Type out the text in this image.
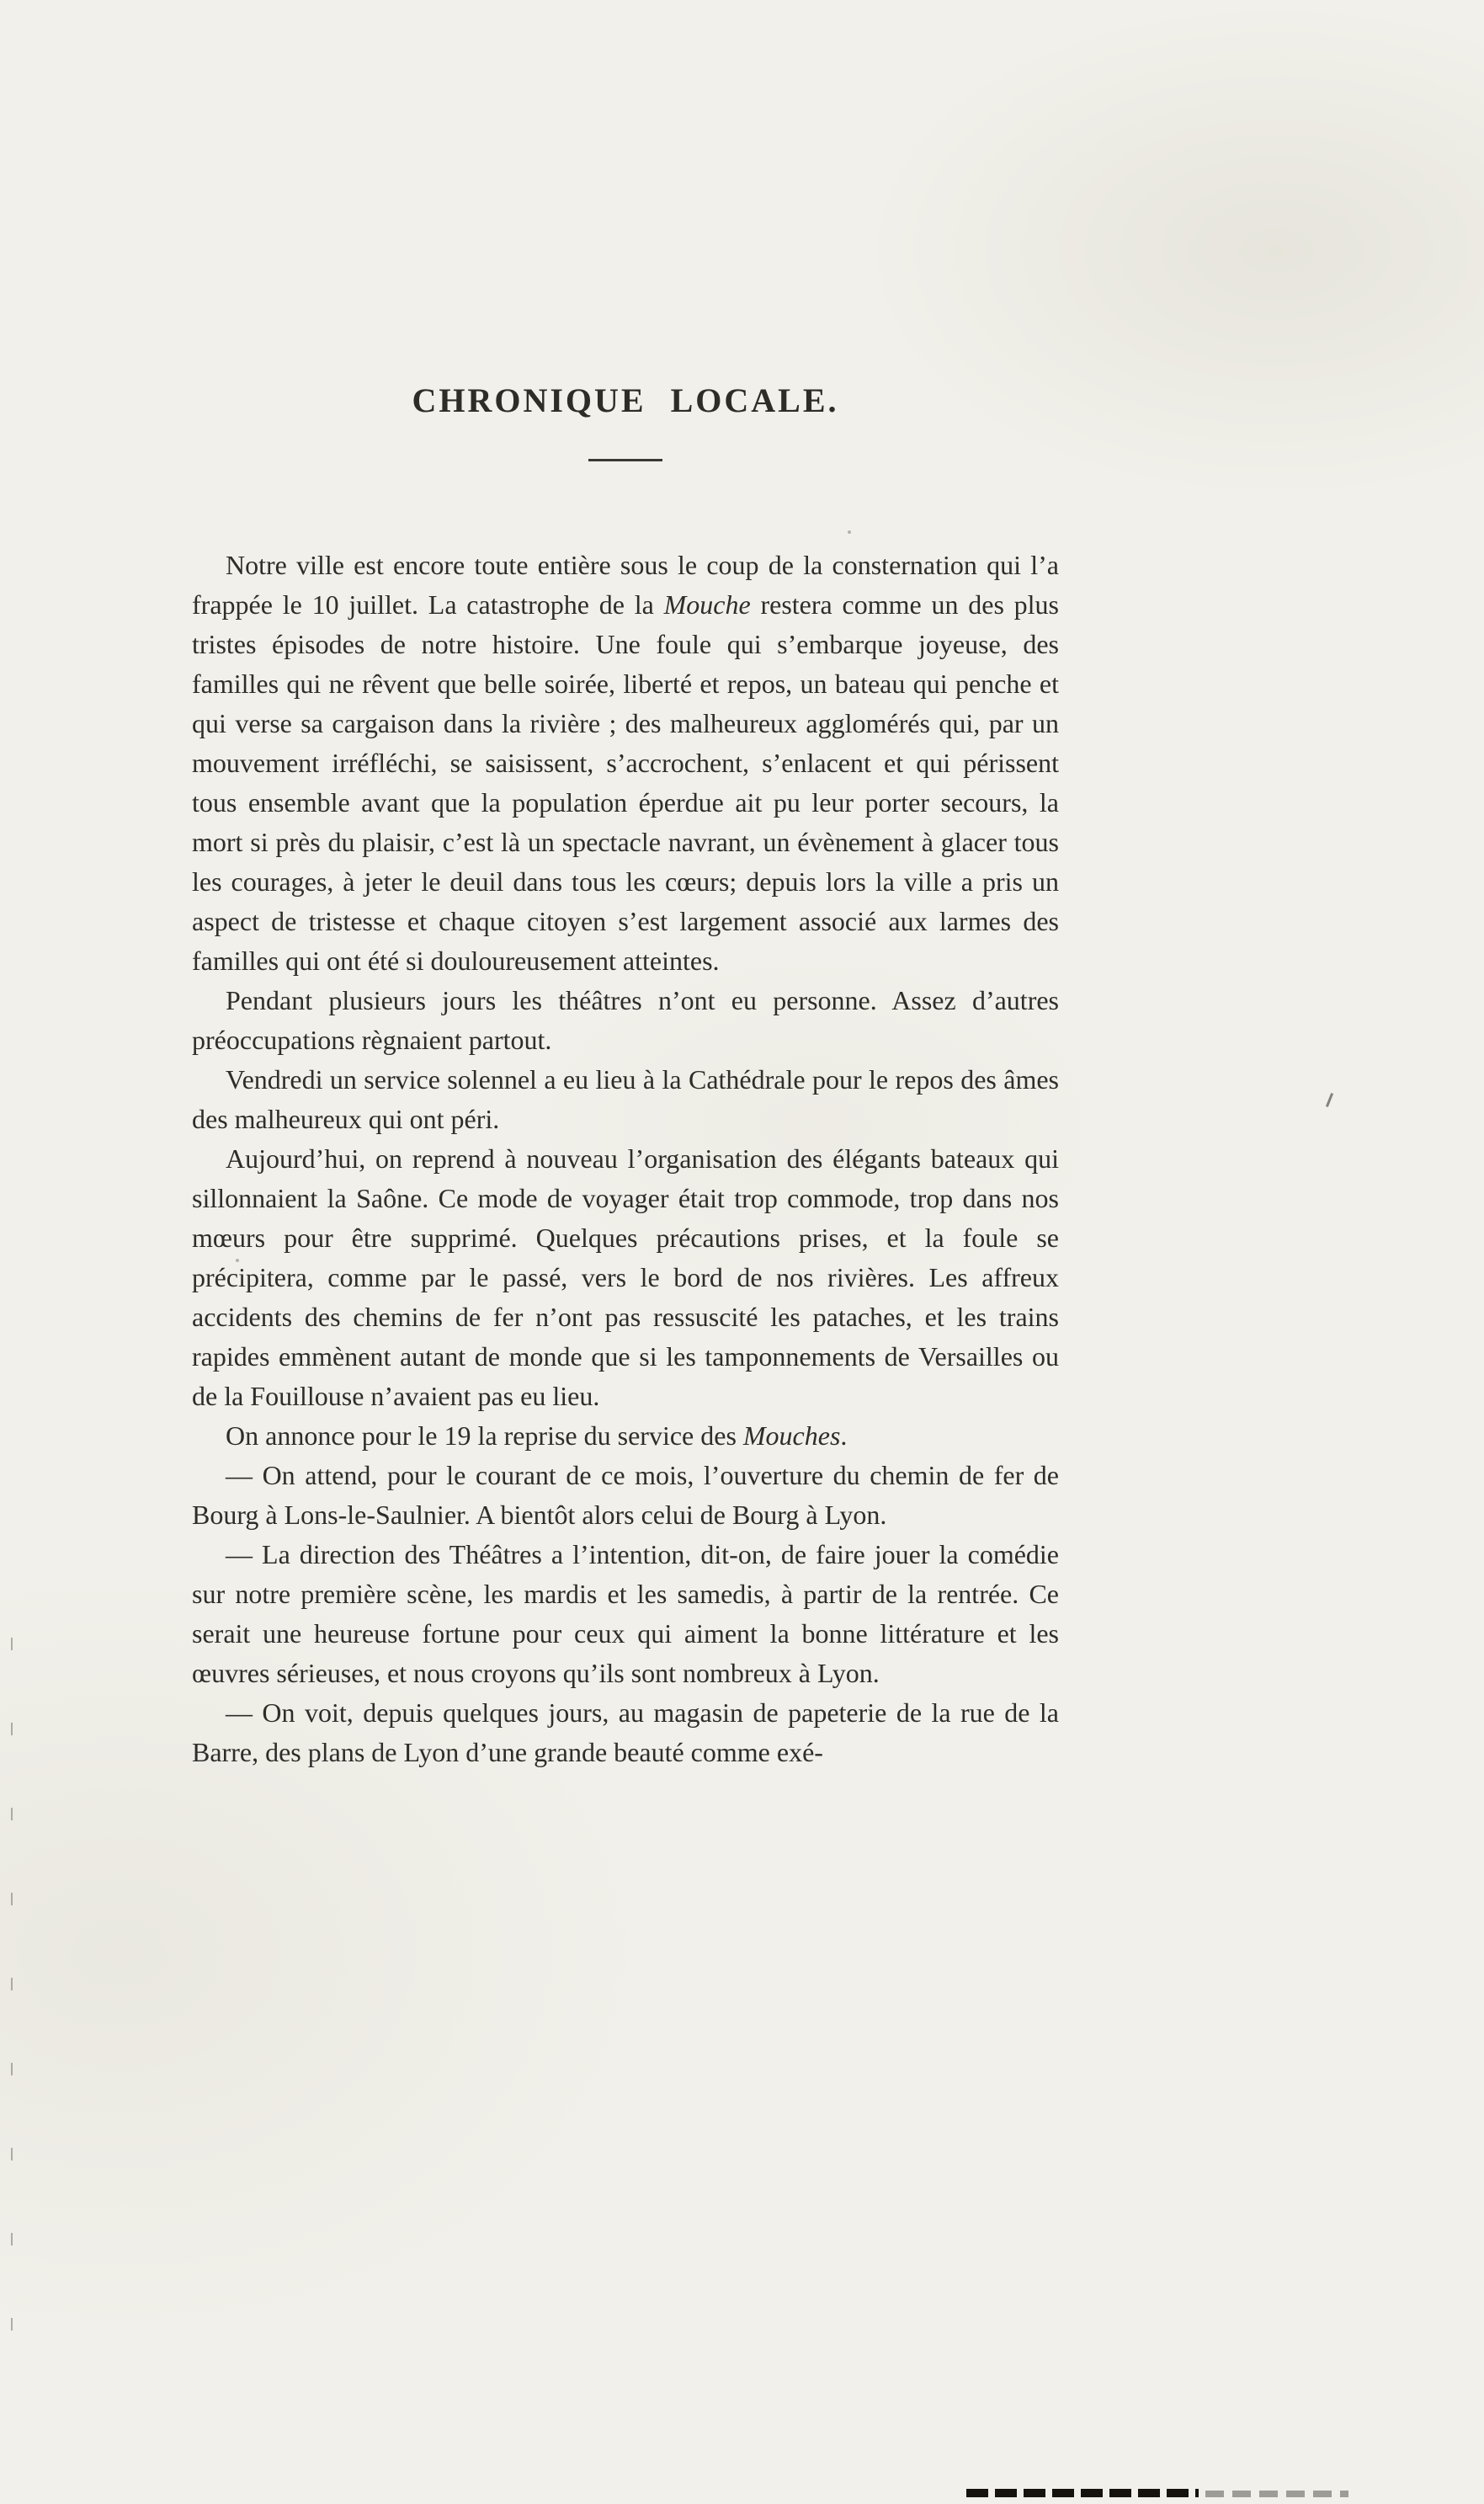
CHRONIQUE LOCALE.

Notre ville est encore toute entière sous le coup de la consternation qui l’a frappée le 10 juillet. La catastrophe de la Mouche restera comme un des plus tristes épisodes de notre histoire. Une foule qui s’embarque joyeuse, des familles qui ne rêvent que belle soirée, liberté et repos, un bateau qui penche et qui verse sa cargaison dans la rivière ; des malheureux agglomérés qui, par un mouvement irréfléchi, se saisissent, s’accrochent, s’enlacent et qui périssent tous ensemble avant que la population éperdue ait pu leur porter secours, la mort si près du plaisir, c’est là un spectacle navrant, un évènement à glacer tous les courages, à jeter le deuil dans tous les cœurs; depuis lors la ville a pris un aspect de tristesse et chaque citoyen s’est largement associé aux larmes des familles qui ont été si douloureusement atteintes.

Pendant plusieurs jours les théâtres n’ont eu personne. Assez d’autres préoccupations règnaient partout.

Vendredi un service solennel a eu lieu à la Cathédrale pour le repos des âmes des malheureux qui ont péri.

Aujourd’hui, on reprend à nouveau l’organisation des élégants bateaux qui sillonnaient la Saône. Ce mode de voyager était trop commode, trop dans nos mœurs pour être supprimé. Quelques précautions prises, et la foule se précipitera, comme par le passé, vers le bord de nos rivières. Les affreux accidents des chemins de fer n’ont pas ressuscité les pataches, et les trains rapides emmènent autant de monde que si les tamponnements de Versailles ou de la Fouillouse n’avaient pas eu lieu.

On annonce pour le 19 la reprise du service des Mouches.

— On attend, pour le courant de ce mois, l’ouverture du chemin de fer de Bourg à Lons-le-Saulnier. A bientôt alors celui de Bourg à Lyon.

— La direction des Théâtres a l’intention, dit-on, de faire jouer la comédie sur notre première scène, les mardis et les samedis, à partir de la rentrée. Ce serait une heureuse fortune pour ceux qui aiment la bonne littérature et les œuvres sérieuses, et nous croyons qu’ils sont nombreux à Lyon.

— On voit, depuis quelques jours, au magasin de papeterie de la rue de la Barre, des plans de Lyon d’une grande beauté comme exé-
